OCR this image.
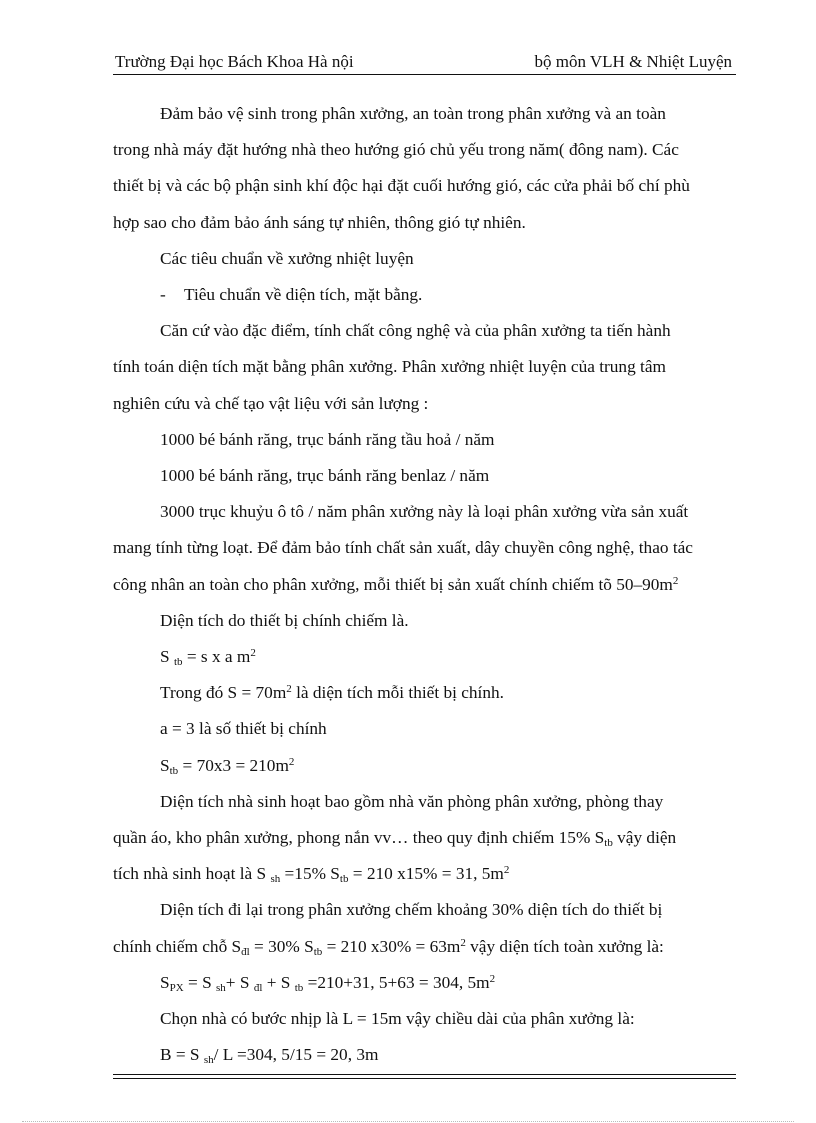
Trường Đại học Bách Khoa Hà nội	bộ môn VLH & Nhiệt Luyện

Đảm bảo vệ sinh trong phân xưởng, an toàn trong phân xưởng và an toàn

trong nhà máy đặt hướng nhà theo hướng gió chủ yếu trong năm( đông nam). Các

thiết bị và các bộ phận sinh khí độc hại đặt cuối hướng gió, các cửa phải bố chí phù

hợp sao cho đảm bảo ánh sáng tự nhiên, thông gió tự nhiên.

Các tiêu chuẩn về xưởng nhiệt luyện

- Tiêu chuẩn về diện tích, mặt bằng.

Căn cứ vào đặc điểm, tính chất công nghệ và của phân xưởng ta tiến hành

tính toán diện tích mặt bằng phân xưởng. Phân xưởng nhiệt luyện của trung tâm

nghiên cứu và chế tạo vật liệu với sản lượng :

1000 bé bánh răng, trục bánh răng tầu hoả / năm

1000 bé bánh răng, trục bánh răng benlaz / năm

3000 trục khuỷu ô tô / năm phân xưởng này là loại phân xưởng vừa sản xuất

mang tính từng loạt. Để đảm bảo tính chất sản xuất, dây chuyền công nghệ, thao tác

công nhân an toàn cho phân xưởng, mỗi thiết bị sản xuất chính chiếm tõ $50-90m^2$

Diện tích do thiết bị chính chiếm là.

S $_{tb}$ = s x a $m^2$

Trong đó $S = 70m^2$ là diện tích mỗi thiết bị chính.

a = 3 là số thiết bị chính

$S_{tb} = 70x3 = 210m^2$

Diện tích nhà sinh hoạt bao gồm nhà văn phòng phân xưởng, phòng thay

quần áo, kho phân xưởng, phong nắn vv… theo quy định chiếm 15% $S_{tb}$ vậy diện

tích nhà sinh hoạt là S $_{sh}$ =15% $S_{tb} = 210$ x15% = 31, $5m^2$

Diện tích đi lại trong phân xưởng chếm khoảng 30% diện tích do thiết bị

chính chiếm chỗ $S_{đl} = 30\%$ $S_{tb} = 210$ $x30\% = 63m^2$ vậy diện tích toàn xưởng là:

$S_{PX} = S$ $_{sh}$+ S $_{đl}$ + S $_{tb}$ =210+31, 5+63 = 304, $5m^2$

Chọn nhà có bước nhịp là L = 15m vậy chiều dài của phân xưởng là:

B = S $_{sh}$/ L =304, 5/15 = 20, 3m
